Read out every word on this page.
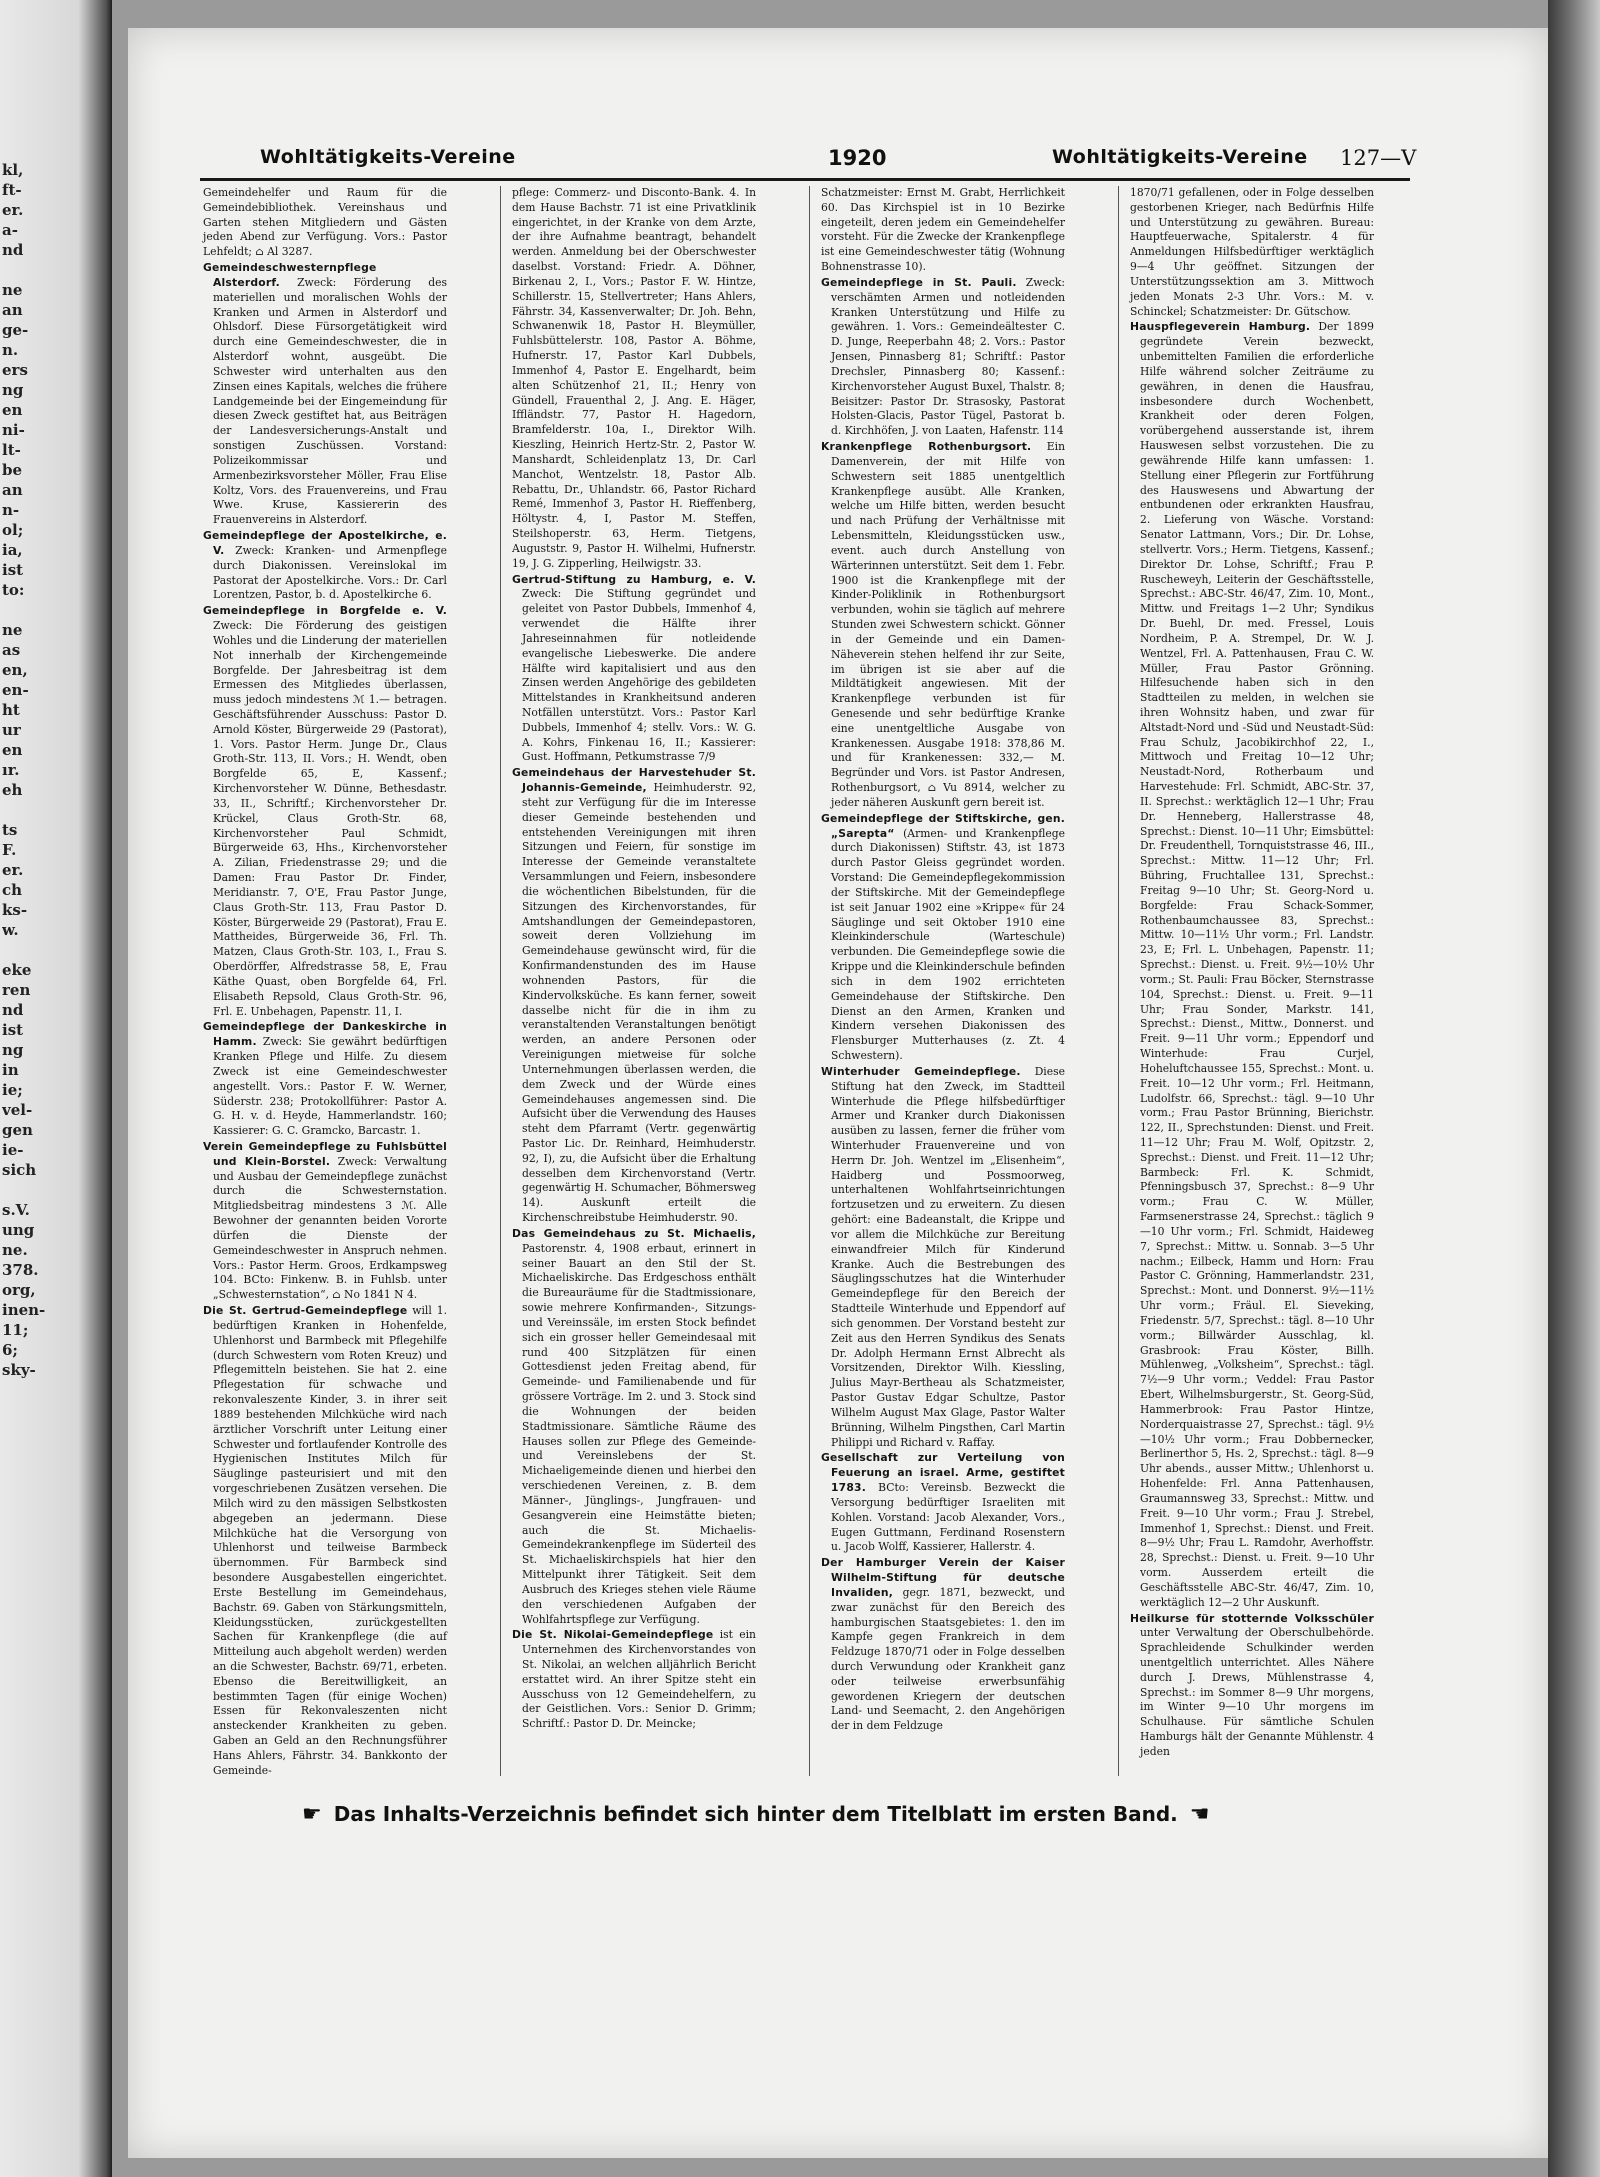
kl,
ft-
er.
a-
nd
ne
an
ge-
n.
ers
ng
en
ni-
lt-
be
an
n-
ol;
ia,
ist
to:
ne
as
en,
en-
ht
ur
en
ır.
eh
ts
F.
er.
ch
ks-
w.
eke
ren
nd
ist
ng
in
ie;
vel-
gen
ie-
sich
s.V.
ung
ne.
378.
org,
inen-
11;
6;
sky-
Wohltätigkeits-Vereine	1920	Wohltätigkeits-Vereine 127—V
Gemeindehelfer und Raum für die Gemeindebibliothek. Vereinshaus und Garten stehen Mitgliedern und Gästen jeden Abend zur Verfügung. Vors.: Pastor Lehfeldt; ⌂ Al 3287.
Gemeindeschwesternpflege Alsterdorf. Zweck: Förderung des materiellen und moralischen Wohls der Kranken und Armen in Alsterdorf und Ohlsdorf. Diese Fürsorgetätigkeit wird durch eine Gemeindeschwester, die in Alsterdorf wohnt, ausgeübt. Die Schwester wird unterhalten aus den Zinsen eines Kapitals, welches die frühere Landgemeinde bei der Eingemeindung für diesen Zweck gestiftet hat, aus Beiträgen der Landesversicherungs-Anstalt und sonstigen Zuschüssen. Vorstand: Polizeikommissar und Armenbezirksvorsteher Möller, Frau Elise Koltz, Vors. des Frauenvereins, und Frau Wwe. Kruse, Kassiererin des Frauenvereins in Alsterdorf.
Gemeindepflege der Apostelkirche, e. V. Zweck: Kranken- und Armenpflege durch Diakonissen. Vereinslokal im Pastorat der Apostelkirche. Vors.: Dr. Carl Lorentzen, Pastor, b. d. Apostelkirche 6.
Gemeindepflege in Borgfelde e. V. Zweck: Die Förderung des geistigen Wohles und die Linderung der materiellen Not innerhalb der Kirchengemeinde Borgfelde. Der Jahresbeitrag ist dem Ermessen des Mitgliedes überlassen, muss jedoch mindestens ℳ 1.— betragen. Geschäftsführender Ausschuss: Pastor D. Arnold Köster, Bürgerweide 29 (Pastorat), 1. Vors. Pastor Herm. Junge Dr., Claus Groth-Str. 113, II. Vors.; H. Wendt, oben Borgfelde 65, E, Kassenf.; Kirchenvorsteher W. Dünne, Bethesdastr. 33, II., Schriftf.; Kirchenvorsteher Dr. Krückel, Claus Groth-Str. 68, Kirchenvorsteher Paul Schmidt, Bürgerweide 63, Hhs., Kirchenvorsteher A. Zilian, Friedenstrasse 29; und die Damen: Frau Pastor Dr. Finder, Meridianstr. 7, O'E, Frau Pastor Junge, Claus Groth-Str. 113, Frau Pastor D. Köster, Bürgerweide 29 (Pastorat), Frau E. Mattheides, Bürgerweide 36, Frl. Th. Matzen, Claus Groth-Str. 103, I., Frau S. Oberdörffer, Alfredstrasse 58, E, Frau Käthe Quast, oben Borgfelde 64, Frl. Elisabeth Repsold, Claus Groth-Str. 96, Frl. E. Unbehagen, Papenstr. 11, I.
Gemeindepflege der Dankeskirche in Hamm. Zweck: Sie gewährt bedürftigen Kranken Pflege und Hilfe. Zu diesem Zweck ist eine Gemeindeschwester angestellt. Vors.: Pastor F. W. Werner, Süderstr. 238; Protokollführer: Pastor A. G. H. v. d. Heyde, Hammerlandstr. 160; Kassierer: G. C. Gramcko, Barcastr. 1.
Verein Gemeindepflege zu Fuhlsbüttel und Klein-Borstel. Zweck: Verwaltung und Ausbau der Gemeindepflege zunächst durch die Schwesternstation. Mitgliedsbeitrag mindestens 3 ℳ. Alle Bewohner der genannten beiden Vororte dürfen die Dienste der Gemeindeschwester in Anspruch nehmen. Vors.: Pastor Herm. Groos, Erdkampsweg 104. BCto: Finkenw. B. in Fuhlsb. unter „Schwesternstation“, ⌂ No 1841 N 4.
Die St. Gertrud-Gemeindepflege will 1. bedürftigen Kranken in Hohenfelde, Uhlenhorst und Barmbeck mit Pflegehilfe (durch Schwestern vom Roten Kreuz) und Pflegemitteln beistehen. Sie hat 2. eine Pflegestation für schwache und rekonvaleszente Kinder, 3. in ihrer seit 1889 bestehenden Milchküche wird nach ärztlicher Vorschrift unter Leitung einer Schwester und fortlaufender Kontrolle des Hygienischen Institutes Milch für Säuglinge pasteurisiert und mit den vorgeschriebenen Zusätzen versehen. Die Milch wird zu den mässigen Selbstkosten abgegeben an jedermann. Diese Milchküche hat die Versorgung von Uhlenhorst und teilweise Barmbeck übernommen. Für Barmbeck sind besondere Ausgabestellen eingerichtet. Erste Bestellung im Gemeindehaus, Bachstr. 69. Gaben von Stärkungsmitteln, Kleidungsstücken, zurückgestellten Sachen für Krankenpflege (die auf Mitteilung auch abgeholt werden) werden an die Schwester, Bachstr. 69/71, erbeten. Ebenso die Bereitwilligkeit, an bestimmten Tagen (für einige Wochen) Essen für Rekonvaleszenten nicht ansteckender Krankheiten zu geben. Gaben an Geld an den Rechnungsführer Hans Ahlers, Fährstr. 34. Bankkonto der Gemeinde-
pflege: Commerz- und Disconto-Bank. 4. In dem Hause Bachstr. 71 ist eine Privatklinik eingerichtet, in der Kranke von dem Arzte, der ihre Aufnahme beantragt, behandelt werden. Anmeldung bei der Oberschwester daselbst. Vorstand: Friedr. A. Döhner, Birkenau 2, I., Vors.; Pastor F. W. Hintze, Schillerstr. 15, Stellvertreter; Hans Ahlers, Fährstr. 34, Kassenverwalter; Dr. Joh. Behn, Schwanenwik 18, Pastor H. Bleymüller, Fuhlsbüttelerstr. 108, Pastor A. Böhme, Hufnerstr. 17, Pastor Karl Dubbels, Immenhof 4, Pastor E. Engelhardt, beim alten Schützenhof 21, II.; Henry von Gündell, Frauenthal 2, J. Ang. E. Häger, Iffländstr. 77, Pastor H. Hagedorn, Bramfelderstr. 10a, I., Direktor Wilh. Kieszling, Heinrich Hertz-Str. 2, Pastor W. Manshardt, Schleidenplatz 13, Dr. Carl Manchot, Wentzelstr. 18, Pastor Alb. Rebattu, Dr., Uhlandstr. 66, Pastor Richard Remé, Immenhof 3, Pastor H. Rieffenberg, Höltystr. 4, I, Pastor M. Steffen, Steilshoperstr. 63, Herm. Tietgens, Auguststr. 9, Pastor H. Wilhelmi, Hufnerstr. 19, J. G. Zipperling, Heilwigstr. 33.
Gertrud-Stiftung zu Hamburg, e. V. Zweck: Die Stiftung gegründet und geleitet von Pastor Dubbels, Immenhof 4, verwendet die Hälfte ihrer Jahreseinnahmen für notleidende evangelische Liebeswerke. Die andere Hälfte wird kapitalisiert und aus den Zinsen werden Angehörige des gebildeten Mittelstandes in Krankheitsund anderen Notfällen unterstützt. Vors.: Pastor Karl Dubbels, Immenhof 4; stellv. Vors.: W. G. A. Kohrs, Finkenau 16, II.; Kassierer: Gust. Hoffmann, Petkumstrasse 7/9
Gemeindehaus der Harvestehuder St. Johannis-Gemeinde, Heimhuderstr. 92, steht zur Verfügung für die im Interesse dieser Gemeinde bestehenden und entstehenden Vereinigungen mit ihren Sitzungen und Feiern, für sonstige im Interesse der Gemeinde veranstaltete Versammlungen und Feiern, insbesondere die wöchentlichen Bibelstunden, für die Sitzungen des Kirchenvorstandes, für Amtshandlungen der Gemeindepastoren, soweit deren Vollziehung im Gemeindehause gewünscht wird, für die Konfirmandenstunden des im Hause wohnenden Pastors, für die Kindervolksküche. Es kann ferner, soweit dasselbe nicht für die in ihm zu veranstaltenden Veranstaltungen benötigt werden, an andere Personen oder Vereinigungen mietweise für solche Unternehmungen überlassen werden, die dem Zweck und der Würde eines Gemeindehauses angemessen sind. Die Aufsicht über die Verwendung des Hauses steht dem Pfarramt (Vertr. gegenwärtig Pastor Lic. Dr. Reinhard, Heimhuderstr. 92, I), zu, die Aufsicht über die Erhaltung desselben dem Kirchenvorstand (Vertr. gegenwärtig H. Schumacher, Böhmersweg 14). Auskunft erteilt die Kirchenschreibstube Heimhuderstr. 90.
Das Gemeindehaus zu St. Michaelis, Pastorenstr. 4, 1908 erbaut, erinnert in seiner Bauart an den Stil der St. Michaeliskirche. Das Erdgeschoss enthält die Bureauräume für die Stadtmissionare, sowie mehrere Konfirmanden-, Sitzungs- und Vereinssäle, im ersten Stock befindet sich ein grosser heller Gemeindesaal mit rund 400 Sitzplätzen für einen Gottesdienst jeden Freitag abend, für Gemeinde- und Familienabende und für grössere Vorträge. Im 2. und 3. Stock sind die Wohnungen der beiden Stadtmissionare. Sämtliche Räume des Hauses sollen zur Pflege des Gemeinde- und Vereinslebens der St. Michaeligemeinde dienen und hierbei den verschiedenen Vereinen, z. B. dem Männer-, Jünglings-, Jungfrauen- und Gesangverein eine Heimstätte bieten; auch die St. Michaelis-Gemeindekrankenpflege im Süderteil des St. Michaeliskirchspiels hat hier den Mittelpunkt ihrer Tätigkeit. Seit dem Ausbruch des Krieges stehen viele Räume den verschiedenen Aufgaben der Wohlfahrtspflege zur Verfügung.
Die St. Nikolai-Gemeindepflege ist ein Unternehmen des Kirchenvorstandes von St. Nikolai, an welchen alljährlich Bericht erstattet wird. An ihrer Spitze steht ein Ausschuss von 12 Gemeindehelfern, zu der Geistlichen. Vors.: Senior D. Grimm; Schriftf.: Pastor D. Dr. Meincke;
Schatzmeister: Ernst M. Grabt, Herrlichkeit 60. Das Kirchspiel ist in 10 Bezirke eingeteilt, deren jedem ein Gemeindehelfer vorsteht. Für die Zwecke der Krankenpflege ist eine Gemeindeschwester tätig (Wohnung Bohnenstrasse 10).
Gemeindepflege in St. Pauli. Zweck: verschämten Armen und notleidenden Kranken Unterstützung und Hilfe zu gewähren. 1. Vors.: Gemeindeältester C. D. Junge, Reeperbahn 48; 2. Vors.: Pastor Jensen, Pinnasberg 81; Schriftf.: Pastor Drechsler, Pinnasberg 80; Kassenf.: Kirchenvorsteher August Buxel, Thalstr. 8; Beisitzer: Pastor Dr. Strasosky, Pastorat Holsten-Glacis, Pastor Tügel, Pastorat b. d. Kirchhöfen, J. von Laaten, Hafenstr. 114
Krankenpflege Rothenburgsort. Ein Damenverein, der mit Hilfe von Schwestern seit 1885 unentgeltlich Krankenpflege ausübt. Alle Kranken, welche um Hilfe bitten, werden besucht und nach Prüfung der Verhältnisse mit Lebensmitteln, Kleidungsstücken usw., event. auch durch Anstellung von Wärterinnen unterstützt. Seit dem 1. Febr. 1900 ist die Krankenpflege mit der Kinder-Poliklinik in Rothenburgsort verbunden, wohin sie täglich auf mehrere Stunden zwei Schwestern schickt. Gönner in der Gemeinde und ein Damen-Näheverein stehen helfend ihr zur Seite, im übrigen ist sie aber auf die Mildtätigkeit angewiesen. Mit der Krankenpflege verbunden ist für Genesende und sehr bedürftige Kranke eine unentgeltliche Ausgabe von Krankenessen. Ausgabe 1918: 378,86 M. und für Krankenessen: 332,— M. Begründer und Vors. ist Pastor Andresen, Rothenburgsort, ⌂ Vu 8914, welcher zu jeder näheren Auskunft gern bereit ist.
Gemeindepflege der Stiftskirche, gen. „Sarepta“ (Armen- und Krankenpflege durch Diakonissen) Stiftstr. 43, ist 1873 durch Pastor Gleiss gegründet worden. Vorstand: Die Gemeindepflegekommission der Stiftskirche. Mit der Gemeindepflege ist seit Januar 1902 eine »Krippe« für 24 Säuglinge und seit Oktober 1910 eine Kleinkinderschule (Warteschule) verbunden. Die Gemeindepflege sowie die Krippe und die Kleinkinderschule befinden sich in dem 1902 errichteten Gemeindehause der Stiftskirche. Den Dienst an den Armen, Kranken und Kindern versehen Diakonissen des Flensburger Mutterhauses (z. Zt. 4 Schwestern).
Winterhuder Gemeindepflege. Diese Stiftung hat den Zweck, im Stadtteil Winterhude die Pflege hilfsbedürftiger Armer und Kranker durch Diakonissen ausüben zu lassen, ferner die früher vom Winterhuder Frauenvereine und von Herrn Dr. Joh. Wentzel im „Elisenheim“, Haidberg und Possmoorweg, unterhaltenen Wohlfahrtseinrichtungen fortzusetzen und zu erweitern. Zu diesen gehört: eine Badeanstalt, die Krippe und vor allem die Milchküche zur Bereitung einwandfreier Milch für Kinderund Kranke. Auch die Bestrebungen des Säuglingsschutzes hat die Winterhuder Gemeindepflege für den Bereich der Stadtteile Winterhude und Eppendorf auf sich genommen. Der Vorstand besteht zur Zeit aus den Herren Syndikus des Senats Dr. Adolph Hermann Ernst Albrecht als Vorsitzenden, Direktor Wilh. Kiessling, Julius Mayr-Bertheau als Schatzmeister, Pastor Gustav Edgar Schultze, Pastor Wilhelm August Max Glage, Pastor Walter Brünning, Wilhelm Pingsthen, Carl Martin Philippi und Richard v. Raffay.
Gesellschaft zur Verteilung von Feuerung an israel. Arme, gestiftet 1783. BCto: Vereinsb. Bezweckt die Versorgung bedürftiger Israeliten mit Kohlen. Vorstand: Jacob Alexander, Vors., Eugen Guttmann, Ferdinand Rosenstern u. Jacob Wolff, Kassierer, Hallerstr. 4.
Der Hamburger Verein der Kaiser Wilhelm-Stiftung für deutsche Invaliden, gegr. 1871, bezweckt, und zwar zunächst für den Bereich des hamburgischen Staatsgebietes: 1. den im Kampfe gegen Frankreich in dem Feldzuge 1870/71 oder in Folge desselben durch Verwundung oder Krankheit ganz oder teilweise erwerbsunfähig gewordenen Kriegern der deutschen Land- und Seemacht, 2. den Angehörigen der in dem Feldzuge
1870/71 gefallenen, oder in Folge desselben gestorbenen Krieger, nach Bedürfnis Hilfe und Unterstützung zu gewähren. Bureau: Hauptfeuerwache, Spitalerstr. 4 für Anmeldungen Hilfsbedürftiger werktäglich 9—4 Uhr geöffnet. Sitzungen der Unterstützungssektion am 3. Mittwoch jeden Monats 2-3 Uhr. Vors.: M. v. Schinckel; Schatzmeister: Dr. Gütschow.
Hauspflegeverein Hamburg. Der 1899 gegründete Verein bezweckt, unbemittelten Familien die erforderliche Hilfe während solcher Zeiträume zu gewähren, in denen die Hausfrau, insbesondere durch Wochenbett, Krankheit oder deren Folgen, vorübergehend ausserstande ist, ihrem Hauswesen selbst vorzustehen. Die zu gewährende Hilfe kann umfassen: 1. Stellung einer Pflegerin zur Fortführung des Hauswesens und Abwartung der entbundenen oder erkrankten Hausfrau, 2. Lieferung von Wäsche. Vorstand: Senator Lattmann, Vors.; Dir. Dr. Lohse, stellvertr. Vors.; Herm. Tietgens, Kassenf.; Direktor Dr. Lohse, Schriftf.; Frau P. Ruscheweyh, Leiterin der Geschäftsstelle, Sprechst.: ABC-Str. 46/47, Zim. 10, Mont., Mittw. und Freitags 1—2 Uhr; Syndikus Dr. Buehl, Dr. med. Fressel, Louis Nordheim, P. A. Strempel, Dr. W. J. Wentzel, Frl. A. Pattenhausen, Frau C. W. Müller, Frau Pastor Grönning. Hilfesuchende haben sich in den Stadtteilen zu melden, in welchen sie ihren Wohnsitz haben, und zwar für Altstadt-Nord und -Süd und Neustadt-Süd: Frau Schulz, Jacobikirchhof 22, I., Mittwoch und Freitag 10—12 Uhr; Neustadt-Nord, Rotherbaum und Harvestehude: Frl. Schmidt, ABC-Str. 37, II. Sprechst.: werktäglich 12—1 Uhr; Frau Dr. Henneberg, Hallerstrasse 48, Sprechst.: Dienst. 10—11 Uhr; Eimsbüttel: Dr. Freudenthell, Tornquiststrasse 46, III., Sprechst.: Mittw. 11—12 Uhr; Frl. Bühring, Fruchtallee 131, Sprechst.: Freitag 9—10 Uhr; St. Georg-Nord u. Borgfelde: Frau Schack-Sommer, Rothenbaumchaussee 83, Sprechst.: Mittw. 10—11½ Uhr vorm.; Frl. Landstr. 23, E; Frl. L. Unbehagen, Papenstr. 11; Sprechst.: Dienst. u. Freit. 9½—10½ Uhr vorm.; St. Pauli: Frau Böcker, Sternstrasse 104, Sprechst.: Dienst. u. Freit. 9—11 Uhr; Frau Sonder, Markstr. 141, Sprechst.: Dienst., Mittw., Donnerst. und Freit. 9—11 Uhr vorm.; Eppendorf und Winterhude: Frau Curjel, Hoheluftchaussee 155, Sprechst.: Mont. u. Freit. 10—12 Uhr vorm.; Frl. Heitmann, Ludolfstr. 66, Sprechst.: tägl. 9—10 Uhr vorm.; Frau Pastor Brünning, Bierichstr. 122, II., Sprechstunden: Dienst. und Freit. 11—12 Uhr; Frau M. Wolf, Opitzstr. 2, Sprechst.: Dienst. und Freit. 11—12 Uhr; Barmbeck: Frl. K. Schmidt, Pfenningsbusch 37, Sprechst.: 8—9 Uhr vorm.; Frau C. W. Müller, Farmsenerstrasse 24, Sprechst.: täglich 9—10 Uhr vorm.; Frl. Schmidt, Haideweg 7, Sprechst.: Mittw. u. Sonnab. 3—5 Uhr nachm.; Eilbeck, Hamm und Horn: Frau Pastor C. Grönning, Hammerlandstr. 231, Sprechst.: Mont. und Donnerst. 9½—11½ Uhr vorm.; Fräul. El. Sieveking, Friedenstr. 5/7, Sprechst.: tägl. 8—10 Uhr vorm.; Billwärder Ausschlag, kl. Grasbrook: Frau Köster, Billh. Mühlenweg, „Volksheim“, Sprechst.: tägl. 7½—9 Uhr vorm.; Veddel: Frau Pastor Ebert, Wilhelmsburgerstr., St. Georg-Süd, Hammerbrook: Frau Pastor Hintze, Norderquaistrasse 27, Sprechst.: tägl. 9½—10½ Uhr vorm.; Frau Dobbernecker, Berlinerthor 5, Hs. 2, Sprechst.: tägl. 8—9 Uhr abends., ausser Mittw.; Uhlenhorst u. Hohenfelde: Frl. Anna Pattenhausen, Graumannsweg 33, Sprechst.: Mittw. und Freit. 9—10 Uhr vorm.; Frau J. Strebel, Immenhof 1, Sprechst.: Dienst. und Freit. 8—9½ Uhr; Frau L. Ramdohr, Averhoffstr. 28, Sprechst.: Dienst. u. Freit. 9—10 Uhr vorm. Ausserdem erteilt die Geschäftsstelle ABC-Str. 46/47, Zim. 10, werktäglich 12—2 Uhr Auskunft.
Heilkurse für stotternde Volksschüler unter Verwaltung der Oberschulbehörde. Sprachleidende Schulkinder werden unentgeltlich unterrichtet. Alles Nähere durch J. Drews, Mühlenstrasse 4, Sprechst.: im Sommer 8—9 Uhr morgens, im Winter 9—10 Uhr morgens im Schulhause. Für sämtliche Schulen Hamburgs hält der Genannte Mühlenstr. 4 jeden
☛ Das Inhalts-Verzeichnis befindet sich hinter dem Titelblatt im ersten Band. ☚
